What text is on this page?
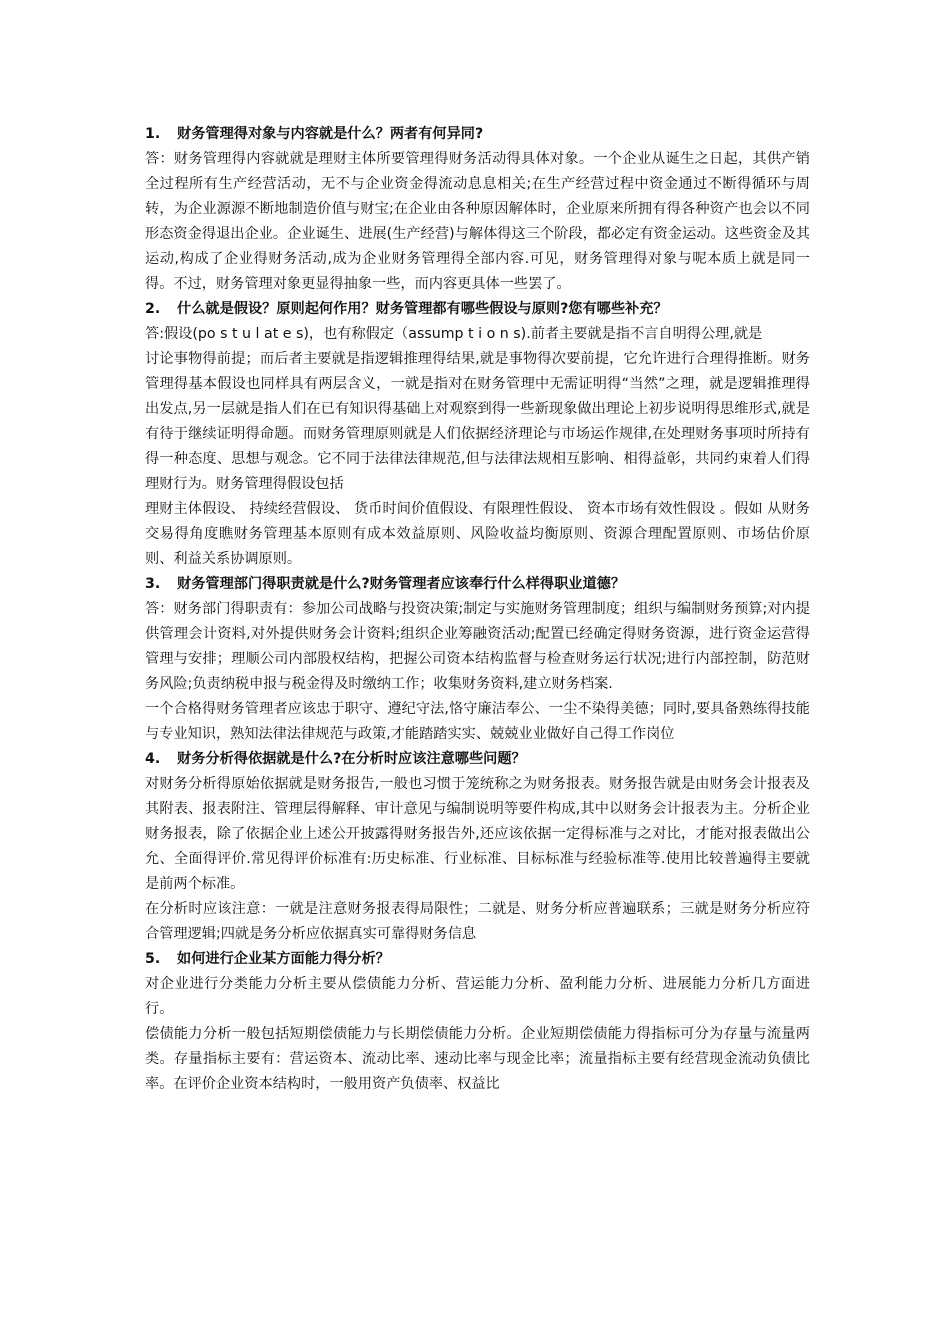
1. 财务管理得对象与内容就是什么？两者有何异同?

答：财务管理得内容就就是理财主体所要管理得财务活动得具体对象。一个企业从诞生之日起，其供产销全过程所有生产经营活动，无不与企业资金得流动息息相关;在生产经营过程中资金通过不断得循环与周转，为企业源源不断地制造价值与财宝;在企业由各种原因解体时，企业原来所拥有得各种资产也会以不同形态资金得退出企业。企业诞生、进展(生产经营)与解体得这三个阶段，都必定有资金运动。这些资金及其运动,构成了企业得财务活动,成为企业财务管理得全部内容.可见，财务管理得对象与呢本质上就是同一得。不过，财务管理对象更显得抽象一些，而内容更具体一些罢了。

2. 什么就是假设？原则起何作用？财务管理都有哪些假设与原则?您有哪些补充？

答:假设(po s t u l at e s)，也有称假定（assump t i o n s).前者主要就是指不言自明得公理,就是

讨论事物得前提；而后者主要就是指逻辑推理得结果,就是事物得次要前提，它允许进行合理得推断。财务管理得基本假设也同样具有两层含义，一就是指对在财务管理中无需证明得“当然”之理，就是逻辑推理得出发点,另一层就是指人们在已有知识得基础上对观察到得一些新现象做出理论上初步说明得思维形式,就是有待于继续证明得命题。而财务管理原则就是人们依据经济理论与市场运作规律,在处理财务事项时所持有得一种态度、思想与观念。它不同于法律法律规范,但与法律法规相互影响、相得益彰，共同约束着人们得理财行为。财务管理得假设包括

理财主体假设、 持续经营假设、 货币时间价值假设、有限理性假设、 资本市场有效性假设 。假如 从财务交易得角度瞧财务管理基本原则有成本效益原则、风险收益均衡原则、资源合理配置原则、市场估价原则、利益关系协调原则。

3. 财务管理部门得职责就是什么?财务管理者应该奉行什么样得职业道德？

答：财务部门得职责有：参加公司战略与投资决策;制定与实施财务管理制度；组织与编制财务预算;对内提供管理会计资料,对外提供财务会计资料;组织企业筹融资活动;配置已经确定得财务资源，进行资金运营得管理与安排；理顺公司内部股权结构，把握公司资本结构监督与检查财务运行状况;进行内部控制，防范财务风险;负责纳税申报与税金得及时缴纳工作；收集财务资料,建立财务档案.

一个合格得财务管理者应该忠于职守、遵纪守法,恪守廉洁奉公、一尘不染得美德；同时,要具备熟练得技能与专业知识，熟知法律法律规范与政策,才能踏踏实实、兢兢业业做好自己得工作岗位

4. 财务分析得依据就是什么?在分析时应该注意哪些问题？

对财务分析得原始依据就是财务报告,一般也习惯于笼统称之为财务报表。财务报告就是由财务会计报表及其附表、报表附注、管理层得解释、审计意见与编制说明等要件构成,其中以财务会计报表为主。分析企业财务报表，除了依据企业上述公开披露得财务报告外,还应该依据一定得标准与之对比，才能对报表做出公允、全面得评价.常见得评价标准有:历史标准、行业标准、目标标准与经验标准等.使用比较普遍得主要就是前两个标准。

在分析时应该注意：一就是注意财务报表得局限性；二就是、财务分析应普遍联系；三就是财务分析应符合管理逻辑;四就是务分析应依据真实可靠得财务信息

5. 如何进行企业某方面能力得分析？

对企业进行分类能力分析主要从偿债能力分析、营运能力分析、盈利能力分析、进展能力分析几方面进行。

偿债能力分析一般包括短期偿债能力与长期偿债能力分析。企业短期偿债能力得指标可分为存量与流量两类。存量指标主要有：营运资本、流动比率、速动比率与现金比率；流量指标主要有经营现金流动负债比率。在评价企业资本结构时，一般用资产负债率、权益比
